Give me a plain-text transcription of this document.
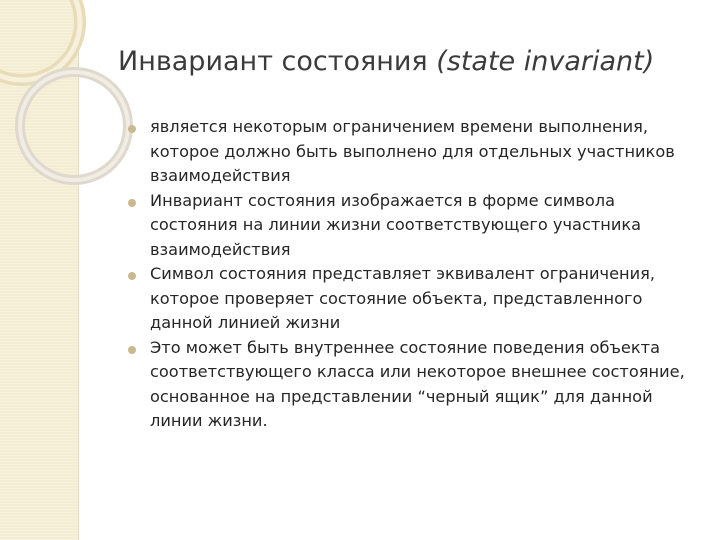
Инвариант состояния (state invariant)
является некоторым ограничением времени выполнения, которое должно быть выполнено для отдельных участников взаимодействия
Инвариант состояния изображается в форме символа состояния на линии жизни соответствующего участника взаимодействия
Символ состояния представляет эквивалент ограничения, которое проверяет состояние объекта, представленного данной линией жизни
Это может быть внутреннее состояние поведения объекта соответствующего класса или некоторое внешнее состояние, основанное на представлении “черный ящик” для данной линии жизни.
